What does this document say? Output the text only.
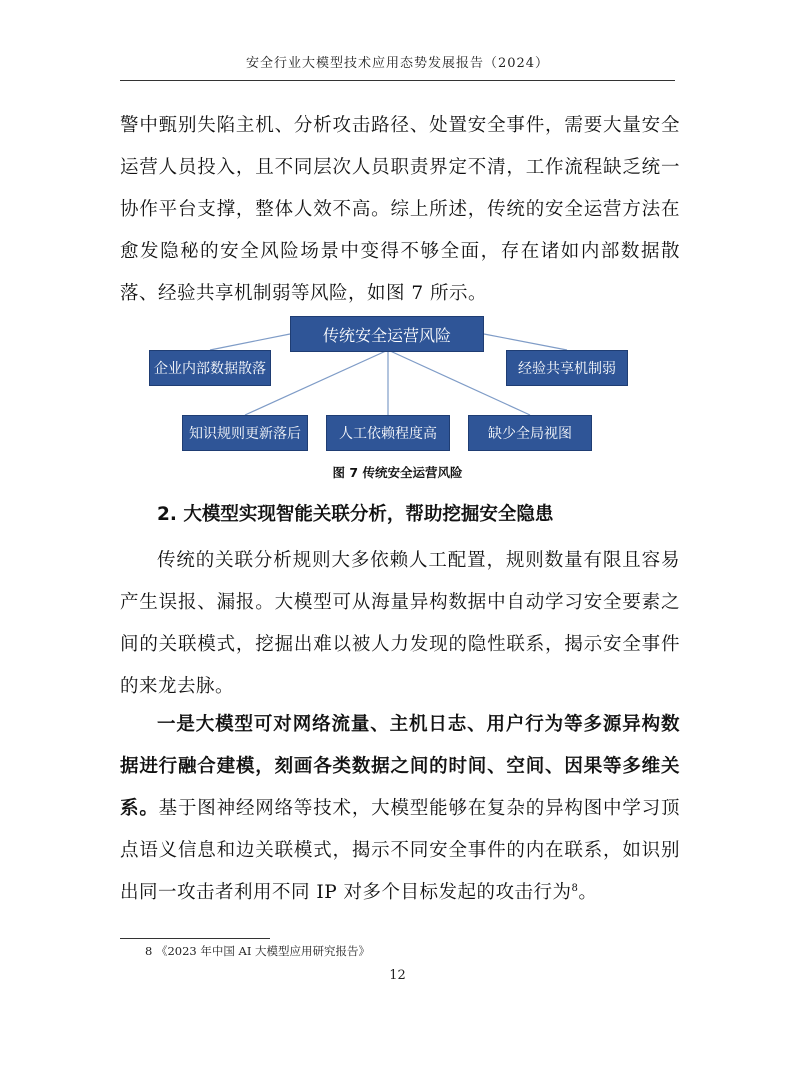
安全行业大模型技术应用态势发展报告（2024）

警中甄别失陷主机、分析攻击路径、处置安全事件，需要大量安全运营人员投入，且不同层次人员职责界定不清，工作流程缺乏统一协作平台支撑，整体人效不高。综上所述，传统的安全运营方法在愈发隐秘的安全风险场景中变得不够全面，存在诸如内部数据散落、经验共享机制弱等风险，如图 7 所示。

传统安全运营风险
企业内部数据散落	经验共享机制弱
知识规则更新落后	人工依赖程度高	缺少全局视图
图 7 传统安全运营风险
2. 大模型实现智能关联分析，帮助挖掘安全隐患

传统的关联分析规则大多依赖人工配置，规则数量有限且容易产生误报、漏报。大模型可从海量异构数据中自动学习安全要素之间的关联模式，挖掘出难以被人力发现的隐性联系，揭示安全事件的来龙去脉。

一是大模型可对网络流量、主机日志、用户行为等多源异构数据进行融合建模，刻画各类数据之间的时间、空间、因果等多维关系。基于图神经网络等技术，大模型能够在复杂的异构图中学习顶点语义信息和边关联模式，揭示不同安全事件的内在联系，如识别出同一攻击者利用不同 IP 对多个目标发起的攻击行为$^8$。

8 《2023 年中国 AI 大模型应用研究报告》
12
